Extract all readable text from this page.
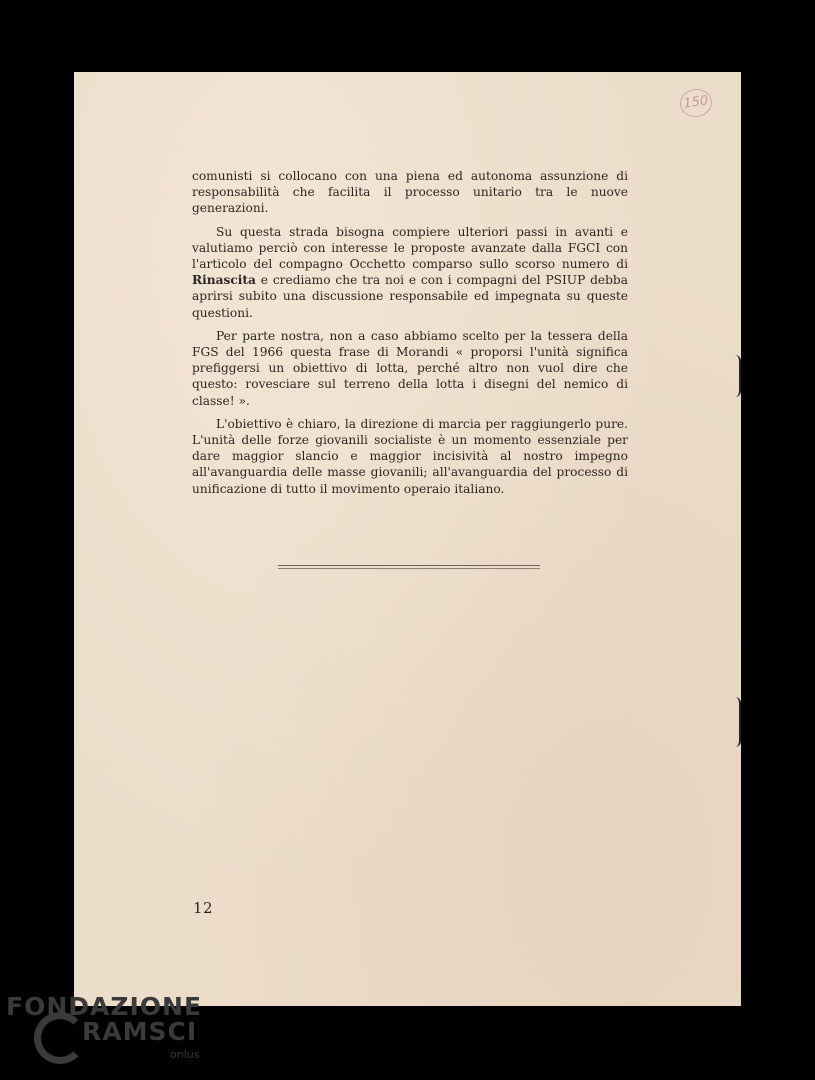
150

comunisti si collocano con una piena ed autonoma assunzione di responsabilità che facilita il processo unitario tra le nuove generazioni.

Su questa strada bisogna compiere ulteriori passi in avanti e valutiamo perciò con interesse le proposte avanzate dalla FGCI con l'articolo del compagno Occhetto comparso sullo scorso numero di Rinascita e crediamo che tra noi e con i compagni del PSIUP debba aprirsi subito una discussione responsabile ed impegnata su queste questioni.

Per parte nostra, non a caso abbiamo scelto per la tessera della FGS del 1966 questa frase di Morandi « proporsi l'unità significa prefiggersi un obiettivo di lotta, perché altro non vuol dire che questo: rovesciare sul terreno della lotta i disegni del nemico di classe! ».

L'obiettivo è chiaro, la direzione di marcia per raggiungerlo pure. L'unità delle forze giovanili socialiste è un momento essenziale per dare maggior slancio e maggior incisività al nostro impegno all'avanguardia delle masse giovanili; all'avanguardia del processo di unificazione di tutto il movimento operaio italiano.

12
FONDAZIONE
RAMSCI
onlus
